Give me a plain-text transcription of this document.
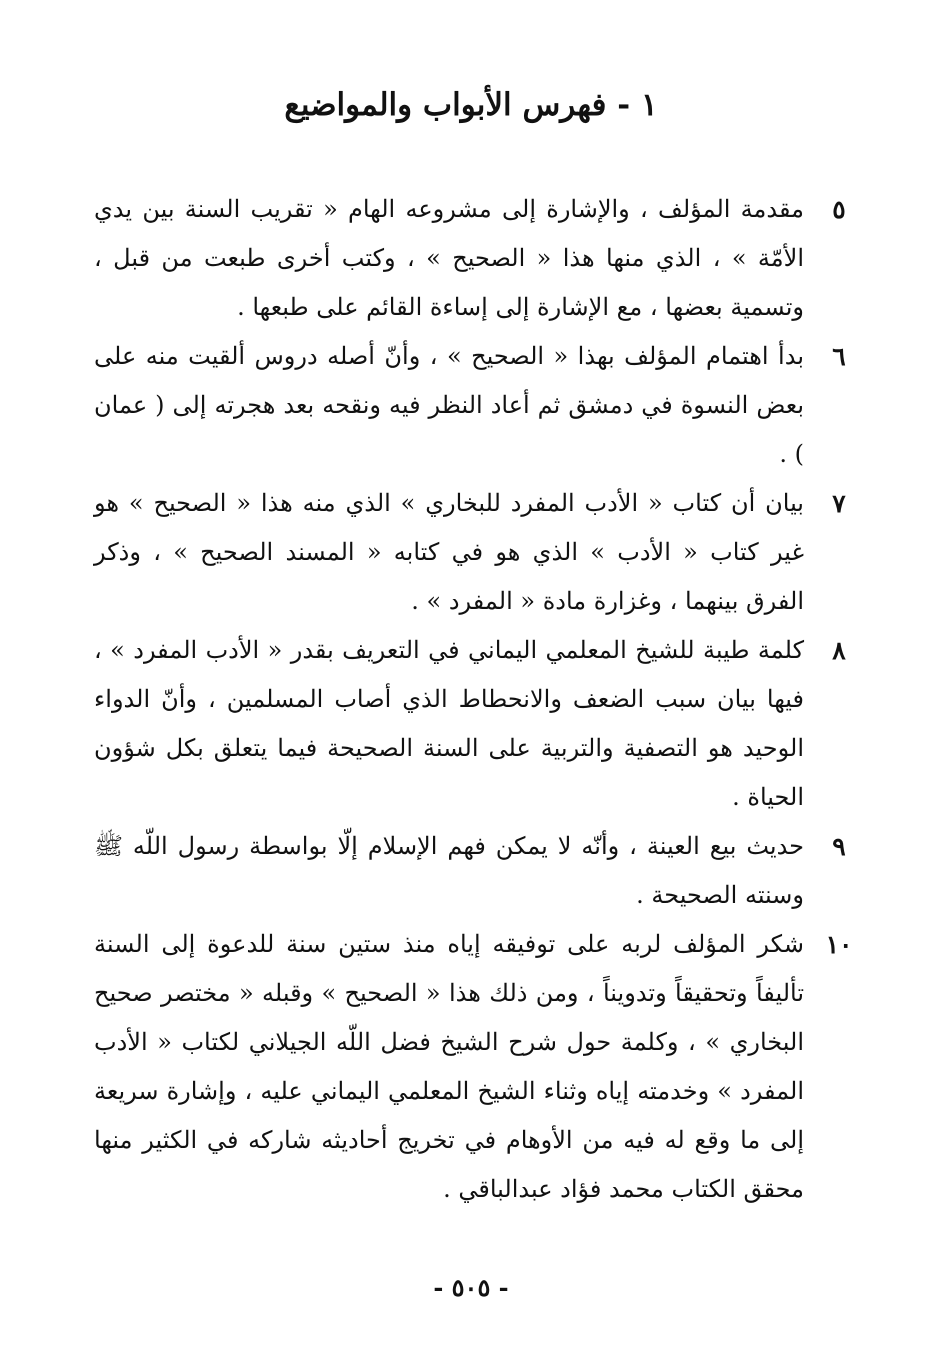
١ - فهرس الأبواب والمواضيع
٥
مقدمة المؤلف ، والإشارة إلى مشروعه الهام « تقريب السنة بين يدي الأمّة » ، الذي منها هذا « الصحيح » ، وكتب أخرى طبعت من قبل ، وتسمية بعضها ، مع الإشارة إلى إساءة القائم على طبعها .
٦
بدأ اهتمام المؤلف بهذا « الصحيح » ، وأنّ أصله دروس ألقيت منه على بعض النسوة في دمشق ثم أعاد النظر فيه ونقحه بعد هجرته إلى ( عمان ) .
٧
بيان أن كتاب « الأدب المفرد للبخاري » الذي منه هذا « الصحيح » هو غير كتاب « الأدب » الذي هو في كتابه « المسند الصحيح » ، وذكر الفرق بينهما ، وغزارة مادة « المفرد » .
٨
كلمة طيبة للشيخ المعلمي اليماني في التعريف بقدر « الأدب المفرد » ، فيها بيان سبب الضعف والانحطاط الذي أصاب المسلمين ، وأنّ الدواء الوحيد هو التصفية والتربية على السنة الصحيحة فيما يتعلق بكل شؤون الحياة .
٩
حديث بيع العينة ، وأنّه لا يمكن فهم الإسلام إلّا بواسطة رسول اللّه ﷺ وسنته الصحيحة .
١٠
شكر المؤلف لربه على توفيقه إياه منذ ستين سنة للدعوة إلى السنة تأليفاً وتحقيقاً وتدويناً ، ومن ذلك هذا « الصحيح » وقبله « مختصر صحيح البخاري » ، وكلمة حول شرح الشيخ فضل اللّه الجيلاني لكتاب « الأدب المفرد » وخدمته إياه وثناء الشيخ المعلمي اليماني عليه ، وإشارة سريعة إلى ما وقع له فيه من الأوهام في تخريج أحاديثه شاركه في الكثير منها محقق الكتاب محمد فؤاد عبدالباقي .
- ٥٠٥ -
